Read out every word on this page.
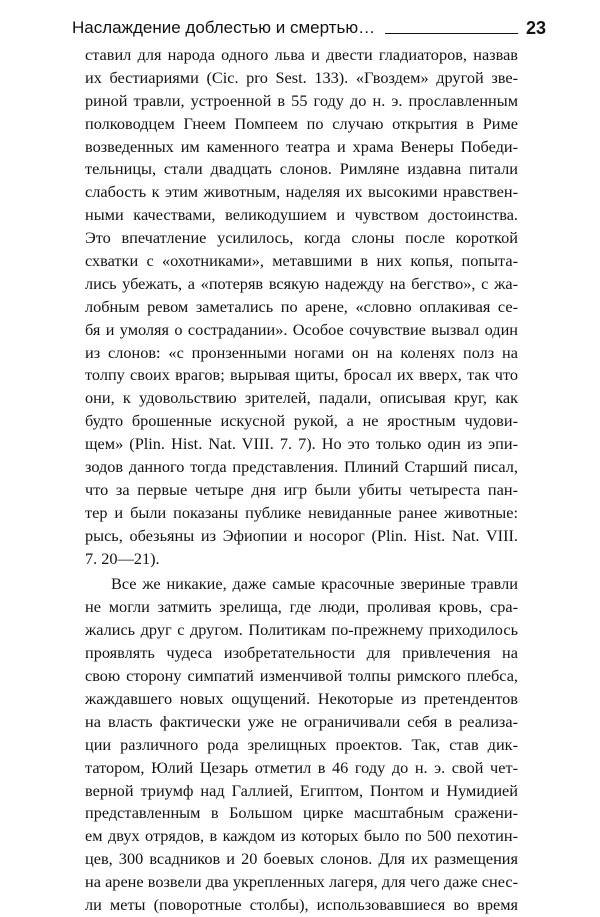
Наслаждение доблестью и смертью…	23
ставил для народа одного льва и двести гладиаторов, назвав
их бестиариями (Cic. pro Sest. 133). «Гвоздем» другой зве-
риной травли, устроенной в 55 году до н. э. прославленным
полководцем Гнеем Помпеем по случаю открытия в Риме
возведенных им каменного театра и храма Венеры Победи-
тельницы, стали двадцать слонов. Римляне издавна питали
слабость к этим животным, наделяя их высокими нравствен-
ными качествами, великодушием и чувством достоинства.
Это впечатление усилилось, когда слоны после короткой
схватки с «охотниками», метавшими в них копья, попыта-
лись убежать, а «потеряв всякую надежду на бегство», с жа-
лобным ревом заметались по арене, «словно оплакивая се-
бя и умоляя о сострадании». Особое сочувствие вызвал один
из слонов: «с пронзенными ногами он на коленях полз на
толпу своих врагов; вырывая щиты, бросал их вверх, так что
они, к удовольствию зрителей, падали, описывая круг, как
будто брошенные искусной рукой, а не яростным чудови-
щем» (Plin. Hist. Nat. VIII. 7. 7). Но это только один из эпи-
зодов данного тогда представления. Плиний Старший писал,
что за первые четыре дня игр были убиты четыреста пан-
тер и были показаны публике невиданные ранее животные:
рысь, обезьяны из Эфиопии и носорог (Plin. Hist. Nat. VIII.
7. 20—21).
Все же никакие, даже самые красочные звериные травли
не могли затмить зрелища, где люди, проливая кровь, сра-
жались друг с другом. Политикам по-прежнему приходилось
проявлять чудеса изобретательности для привлечения на
свою сторону симпатий изменчивой толпы римского плебса,
жаждавшего новых ощущений. Некоторые из претендентов
на власть фактически уже не ограничивали себя в реализа-
ции различного рода зрелищных проектов. Так, став дик-
татором, Юлий Цезарь отметил в 46 году до н. э. свой чет-
верной триумф над Галлией, Египтом, Понтом и Нумидией
представленным в Большом цирке масштабным сражени-
ем двух отрядов, в каждом из которых было по 500 пехотин-
цев, 300 всадников и 20 боевых слонов. Для их размещения
на арене возвели два укрепленных лагеря, для чего даже снес-
ли меты (поворотные столбы), использовавшиеся во время
